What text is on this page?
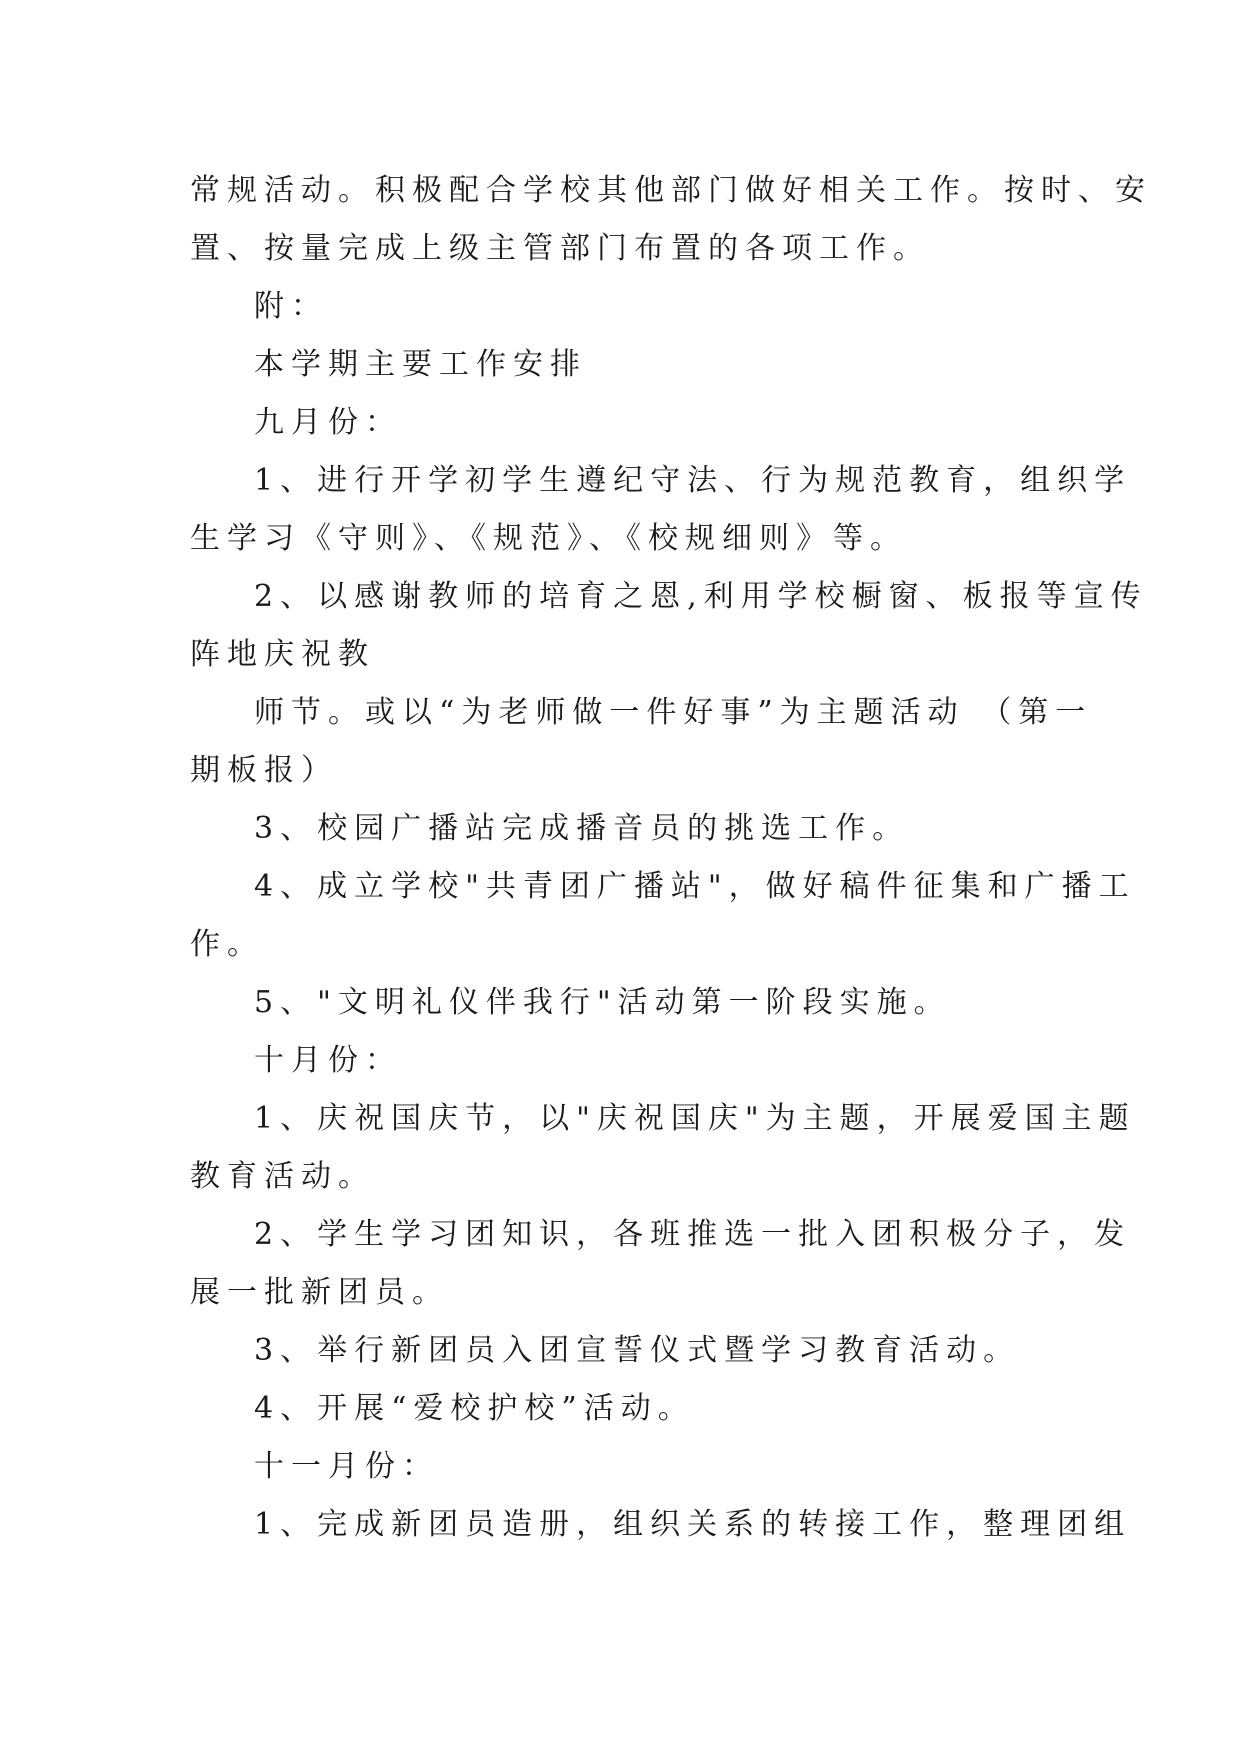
常规活动。积极配合学校其他部门做好相关工作。按时、安

置、按量完成上级主管部门布置的各项工作。

附：

本学期主要工作安排

九月份：

1、进行开学初学生遵纪守法、行为规范教育，组织学

生学习《守则》、《规范》、《校规细则》等。

2、以感谢教师的培育之恩,利用学校橱窗、板报等宣传

阵地庆祝教

师节。或以“为老师做一件好事”为主题活动 （第一

期板报）

3、校园广播站完成播音员的挑选工作。

4、成立学校"共青团广播站"，做好稿件征集和广播工

作。

5、"文明礼仪伴我行"活动第一阶段实施。

十月份：

1、庆祝国庆节，以"庆祝国庆"为主题，开展爱国主题

教育活动。

2、学生学习团知识，各班推选一批入团积极分子，发

展一批新团员。

3、举行新团员入团宣誓仪式暨学习教育活动。

4、开展“爱校护校”活动。

十一月份：

1、完成新团员造册，组织关系的转接工作，整理团组
